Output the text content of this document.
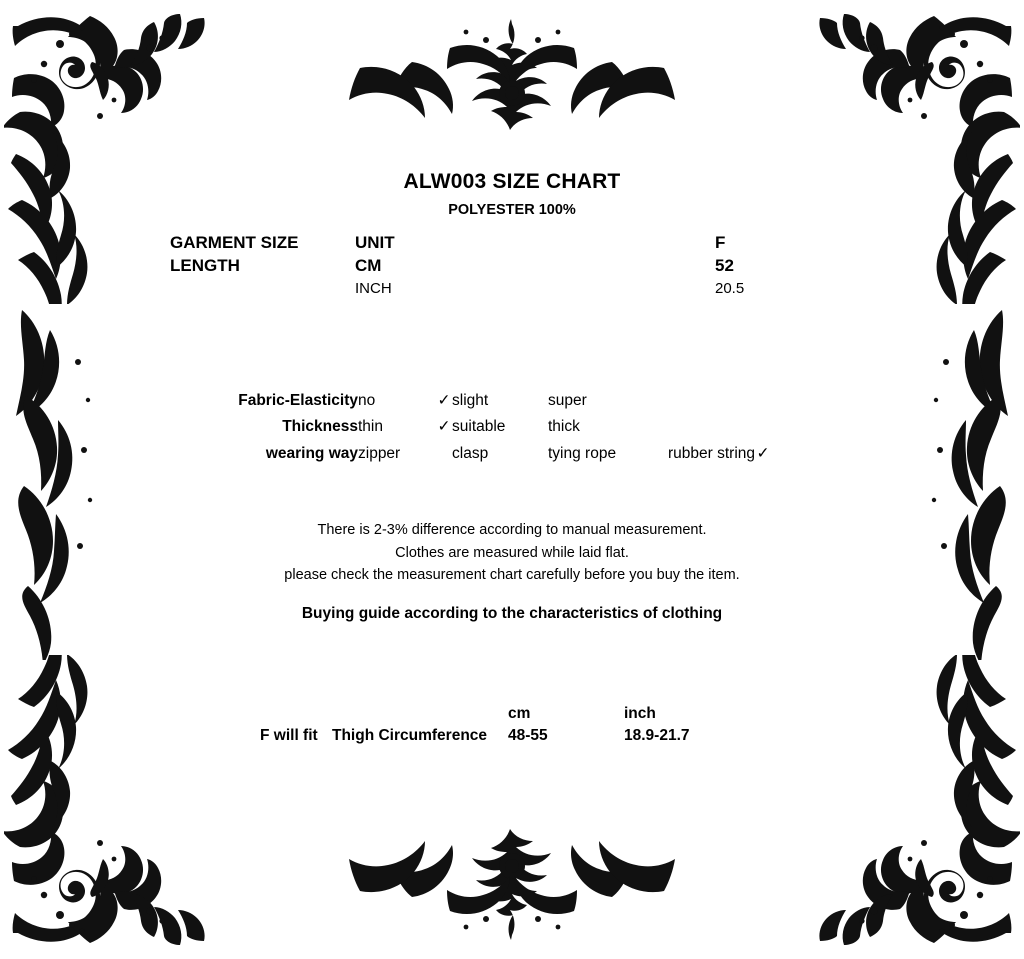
ALW003 SIZE CHART
POLYESTER 100%
GARMENT SIZE	UNIT		F
LENGTH	CM		52
	INCH		20.5
Fabric-Elasticity	no	✓	slight	super		
Thickness	thin	✓	suitable	thick		
wearing way	zipper		clasp	tying rope	rubber string	✓
There is 2-3% difference according to manual measurement.
Clothes are measured while laid flat.
please check the measurement chart carefully before you buy the item.
Buying guide according to the characteristics of clothing
		cm	inch
F will fit	Thigh Circumference	48-55	18.9-21.7
